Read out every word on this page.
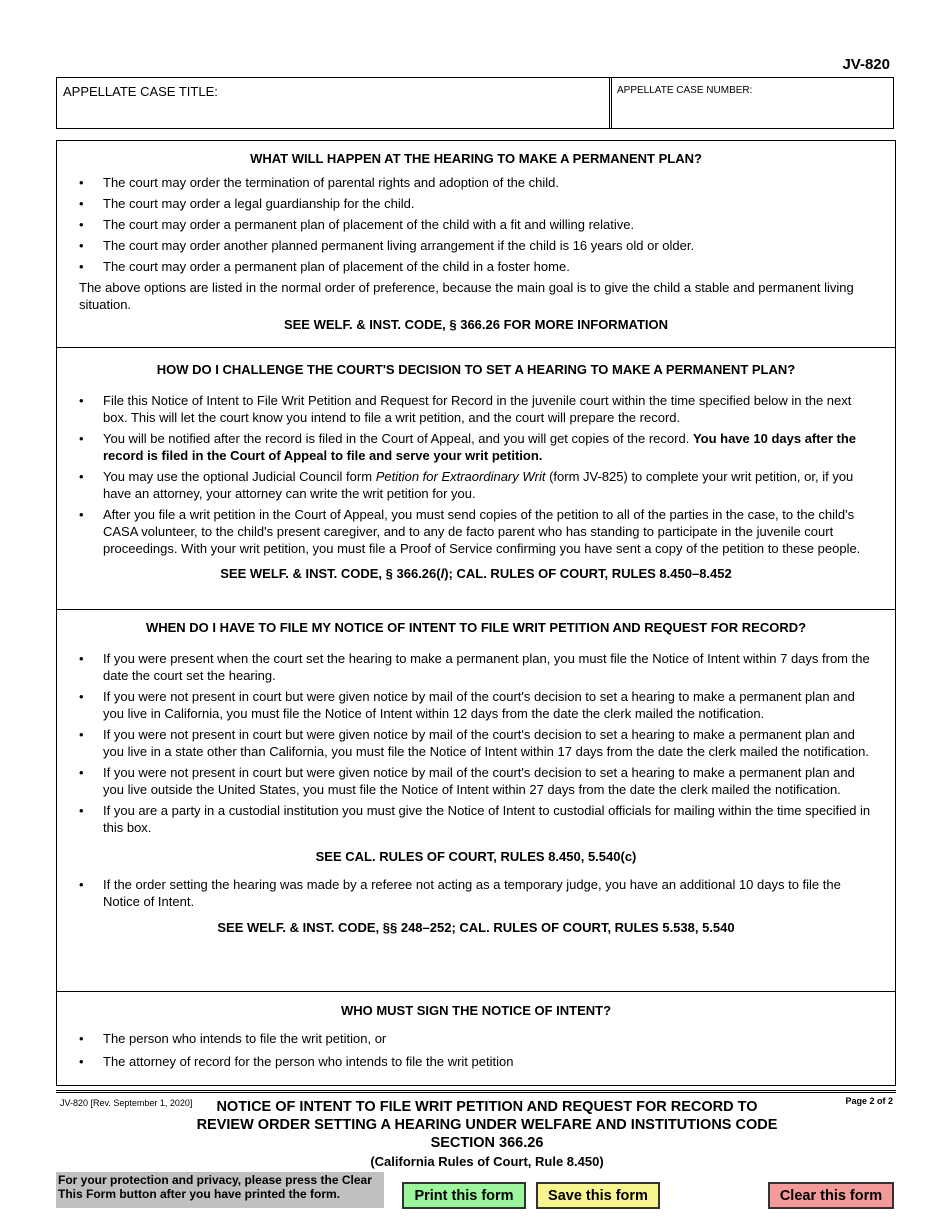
JV-820
APPELLATE CASE TITLE:	APPELLATE CASE NUMBER:
WHAT WILL HAPPEN AT THE HEARING TO MAKE A PERMANENT PLAN?
• The court may order the termination of parental rights and adoption of the child.
• The court may order a legal guardianship for the child.
• The court may order a permanent plan of placement of the child with a fit and willing relative.
• The court may order another planned permanent living arrangement if the child is 16 years old or older.
• The court may order a permanent plan of placement of the child in a foster home.
The above options are listed in the normal order of preference, because the main goal is to give the child a stable and permanent living situation.
SEE WELF. & INST. CODE, § 366.26 FOR MORE INFORMATION
HOW DO I CHALLENGE THE COURT'S DECISION TO SET A HEARING TO MAKE A PERMANENT PLAN?
• File this Notice of Intent to File Writ Petition and Request for Record in the juvenile court within the time specified below in the next box. This will let the court know you intend to file a writ petition, and the court will prepare the record.
• You will be notified after the record is filed in the Court of Appeal, and you will get copies of the record. You have 10 days after the record is filed in the Court of Appeal to file and serve your writ petition.
• You may use the optional Judicial Council form Petition for Extraordinary Writ (form JV-825) to complete your writ petition, or, if you have an attorney, your attorney can write the writ petition for you.
• After you file a writ petition in the Court of Appeal, you must send copies of the petition to all of the parties in the case, to the child's CASA volunteer, to the child's present caregiver, and to any de facto parent who has standing to participate in the juvenile court proceedings. With your writ petition, you must file a Proof of Service confirming you have sent a copy of the petition to these people.
SEE WELF. & INST. CODE, § 366.26(l); CAL. RULES OF COURT, RULES 8.450–8.452
WHEN DO I HAVE TO FILE MY NOTICE OF INTENT TO FILE WRIT PETITION AND REQUEST FOR RECORD?
• If you were present when the court set the hearing to make a permanent plan, you must file the Notice of Intent within 7 days from the date the court set the hearing.
• If you were not present in court but were given notice by mail of the court's decision to set a hearing to make a permanent plan and you live in California, you must file the Notice of Intent within 12 days from the date the clerk mailed the notification.
• If you were not present in court but were given notice by mail of the court's decision to set a hearing to make a permanent plan and you live in a state other than California, you must file the Notice of Intent within 17 days from the date the clerk mailed the notification.
• If you were not present in court but were given notice by mail of the court's decision to set a hearing to make a permanent plan and you live outside the United States, you must file the Notice of Intent within 27 days from the date the clerk mailed the notification.
• If you are a party in a custodial institution you must give the Notice of Intent to custodial officials for mailing within the time specified in this box.
SEE CAL. RULES OF COURT, RULES 8.450, 5.540(c)
• If the order setting the hearing was made by a referee not acting as a temporary judge, you have an additional 10 days to file the Notice of Intent.
SEE WELF. & INST. CODE, §§ 248–252; CAL. RULES OF COURT, RULES 5.538, 5.540
WHO MUST SIGN THE NOTICE OF INTENT?
• The person who intends to file the writ petition, or
• The attorney of record for the person who intends to file the writ petition
JV-820 [Rev. September 1, 2020]	NOTICE OF INTENT TO FILE WRIT PETITION AND REQUEST FOR RECORD TO REVIEW ORDER SETTING A HEARING UNDER WELFARE AND INSTITUTIONS CODE SECTION 366.26
Page 2 of 2
(California Rules of Court, Rule 8.450)
For your protection and privacy, please press the Clear This Form button after you have printed the form.	Print this form	Save this form	Clear this form
